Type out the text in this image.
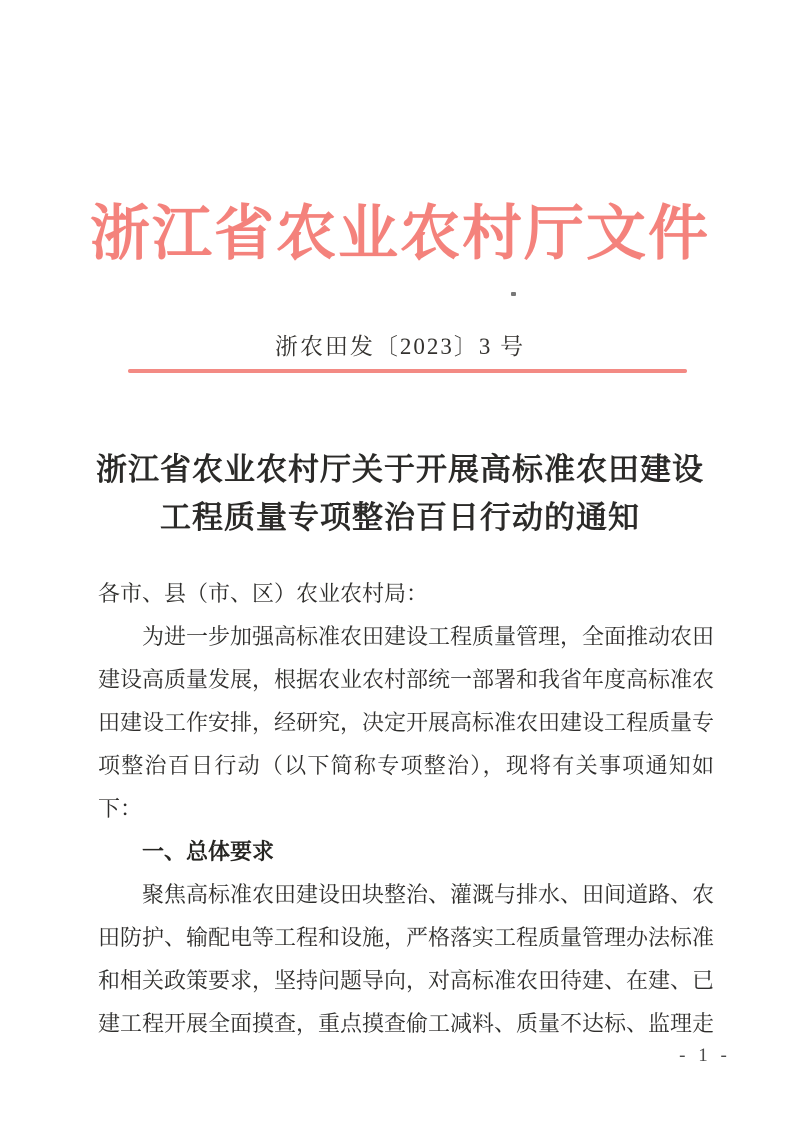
浙江省农业农村厅文件
浙农田发〔2023〕3 号
浙江省农业农村厅关于开展高标准农田建设
工程质量专项整治百日行动的通知

各市、县（市、区）农业农村局：

为进一步加强高标准农田建设工程质量管理，全面推动农田建设高质量发展，根据农业农村部统一部署和我省年度高标准农田建设工作安排，经研究，决定开展高标准农田建设工程质量专项整治百日行动（以下简称专项整治），现将有关事项通知如下：

一、总体要求

聚焦高标准农田建设田块整治、灌溉与排水、田间道路、农田防护、输配电等工程和设施，严格落实工程质量管理办法标准和相关政策要求，坚持问题导向，对高标准农田待建、在建、已建工程开展全面摸查，重点摸查偷工减料、质量不达标、监理走

- 1 -
